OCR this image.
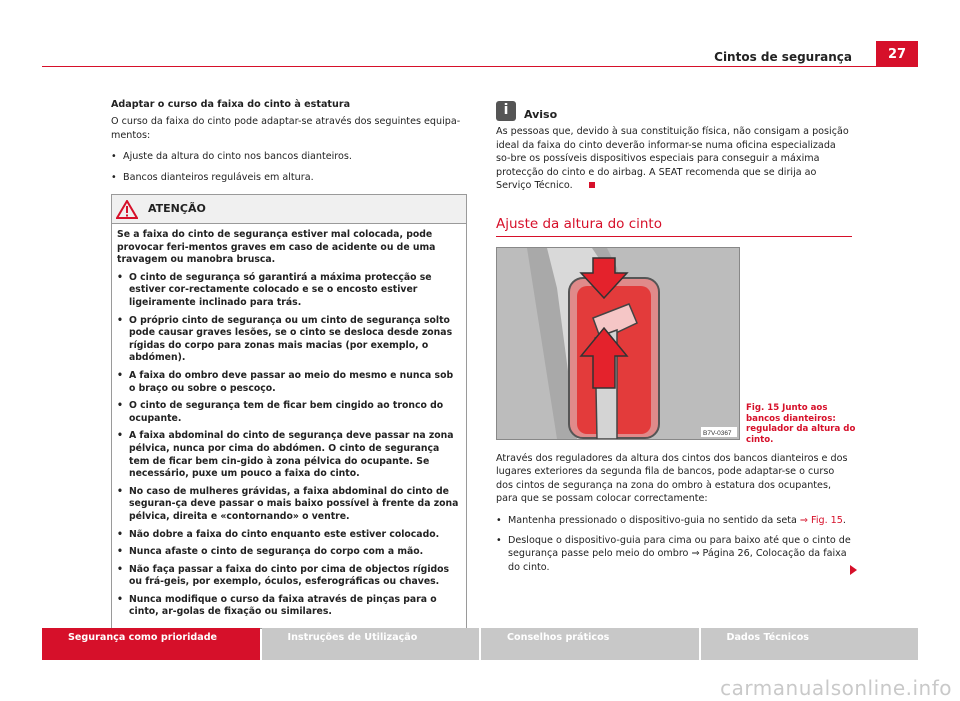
Cintos de segurança	27
Adaptar o curso da faixa do cinto à estatura

O curso da faixa do cinto pode adaptar-se através dos seguintes equipa-mentos:

• Ajuste da altura do cinto nos bancos dianteiros.
• Bancos dianteiros reguláveis em altura.
ATENÇÃO

Se a faixa do cinto de segurança estiver mal colocada, pode provocar feri-mentos graves em caso de acidente ou de uma travagem ou manobra brusca.

• O cinto de segurança só garantirá a máxima protecção se estiver cor-rectamente colocado e se o encosto estiver ligeiramente inclinado para trás.
• O próprio cinto de segurança ou um cinto de segurança solto pode causar graves lesões, se o cinto se desloca desde zonas rígidas do corpo para zonas mais macias (por exemplo, o abdómen).
• A faixa do ombro deve passar ao meio do mesmo e nunca sob o braço ou sobre o pescoço.
• O cinto de segurança tem de ficar bem cingido ao tronco do ocupante.
• A faixa abdominal do cinto de segurança deve passar na zona pélvica, nunca por cima do abdómen. O cinto de segurança tem de ficar bem cin-gido à zona pélvica do ocupante. Se necessário, puxe um pouco a faixa do cinto.
• No caso de mulheres grávidas, a faixa abdominal do cinto de seguran-ça deve passar o mais baixo possível à frente da zona pélvica, direita e «contornando» o ventre.
• Não dobre a faixa do cinto enquanto este estiver colocado.
• Nunca afaste o cinto de segurança do corpo com a mão.
• Não faça passar a faixa do cinto por cima de objectos rígidos ou frá-geis, por exemplo, óculos, esferográficas ou chaves.
• Nunca modifique o curso da faixa através de pinças para o cinto, ar-golas de fixação ou similares.
i	Aviso
As pessoas que, devido à sua constituição física, não consigam a posição ideal da faixa do cinto deverão informar-se numa oficina especializada so-bre os possíveis dispositivos especiais para conseguir a máxima protecção do cinto e do airbag. A SEAT recomenda que se dirija ao Serviço Técnico.
Ajuste da altura do cinto
B7V-0367
Fig. 15 Junto aos bancos dianteiros: regulador da altura do cinto.

Através dos reguladores da altura dos cintos dos bancos dianteiros e dos lugares exteriores da segunda fila de bancos, pode adaptar-se o curso dos cintos de segurança na zona do ombro à estatura dos ocupantes, para que se possam colocar correctamente:

• Mantenha pressionado o dispositivo-guia no sentido da seta ⇒ Fig. 15.
• Desloque o dispositivo-guia para cima ou para baixo até que o cinto de segurança passe pelo meio do ombro ⇒ Página 26, Colocação da faixa do cinto.
Segurança como prioridade	Instruções de Utilização	Conselhos práticos	Dados Técnicos
carmanualsonline.info
